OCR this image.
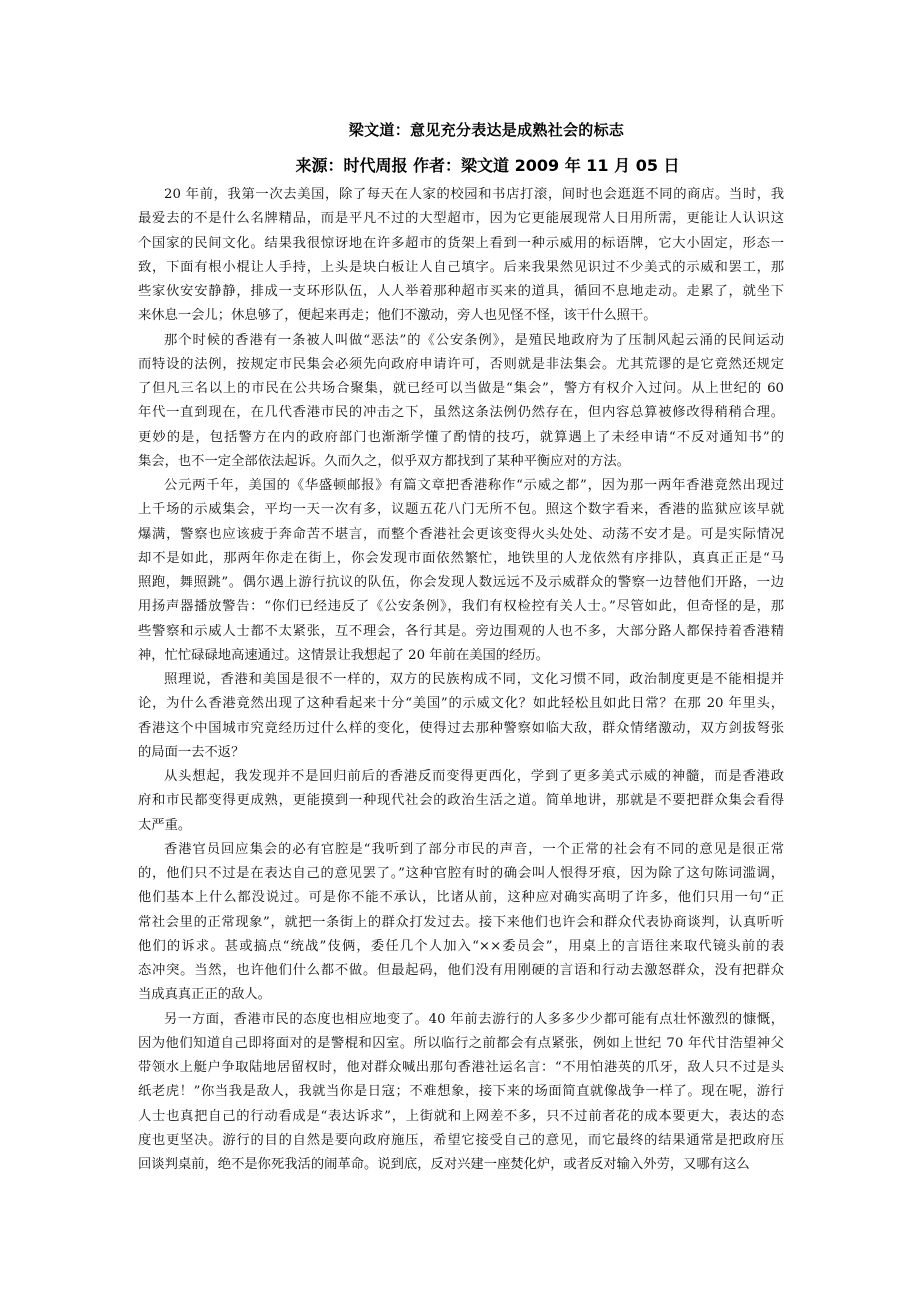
梁文道：意见充分表达是成熟社会的标志
来源：时代周报 作者：梁文道 2009 年 11 月 05 日
20 年前，我第一次去美国，除了每天在人家的校园和书店打滚，间时也会逛逛不同的商店。当时，我
最爱去的不是什么名牌精品，而是平凡不过的大型超市，因为它更能展现常人日用所需，更能让人认识这
个国家的民间文化。结果我很惊讶地在许多超市的货架上看到一种示威用的标语牌，它大小固定，形态一
致，下面有根小棍让人手持，上头是块白板让人自己填字。后来我果然见识过不少美式的示威和罢工，那
些家伙安安静静，排成一支环形队伍，人人举着那种超市买来的道具，循回不息地走动。走累了，就坐下
来休息一会儿；休息够了，便起来再走；他们不激动，旁人也见怪不怪，该干什么照干。
那个时候的香港有一条被人叫做“恶法”的《公安条例》，是殖民地政府为了压制风起云涌的民间运动
而特设的法例，按规定市民集会必须先向政府申请许可，否则就是非法集会。尤其荒谬的是它竟然还规定
了但凡三名以上的市民在公共场合聚集，就已经可以当做是“集会”，警方有权介入过问。从上世纪的 60
年代一直到现在，在几代香港市民的冲击之下，虽然这条法例仍然存在，但内容总算被修改得稍稍合理。
更妙的是，包括警方在内的政府部门也渐渐学懂了酌情的技巧，就算遇上了未经申请“不反对通知书”的
集会，也不一定全部依法起诉。久而久之，似乎双方都找到了某种平衡应对的方法。
公元两千年，美国的《华盛顿邮报》有篇文章把香港称作“示威之都”，因为那一两年香港竟然出现过
上千场的示威集会，平均一天一次有多，议题五花八门无所不包。照这个数字看来，香港的监狱应该早就
爆满，警察也应该疲于奔命苦不堪言，而整个香港社会更该变得火头处处、动荡不安才是。可是实际情况
却不是如此，那两年你走在街上，你会发现市面依然繁忙，地铁里的人龙依然有序排队，真真正正是“马
照跑，舞照跳”。偶尔遇上游行抗议的队伍，你会发现人数远远不及示威群众的警察一边替他们开路，一边
用扬声器播放警告：“你们已经违反了《公安条例》，我们有权检控有关人士。”尽管如此，但奇怪的是，那
些警察和示威人士都不太紧张，互不理会，各行其是。旁边围观的人也不多，大部分路人都保持着香港精
神，忙忙碌碌地高速通过。这情景让我想起了 20 年前在美国的经历。
照理说，香港和美国是很不一样的，双方的民族构成不同，文化习惯不同，政治制度更是不能相提并
论，为什么香港竟然出现了这种看起来十分“美国”的示威文化？如此轻松且如此日常？在那 20 年里头，
香港这个中国城市究竟经历过什么样的变化，使得过去那种警察如临大敌，群众情绪激动，双方剑拔弩张
的局面一去不返？
从头想起，我发现并不是回归前后的香港反而变得更西化，学到了更多美式示威的神髓，而是香港政
府和市民都变得更成熟，更能摸到一种现代社会的政治生活之道。简单地讲，那就是不要把群众集会看得
太严重。
香港官员回应集会的必有官腔是“我听到了部分市民的声音，一个正常的社会有不同的意见是很正常
的，他们只不过是在表达自己的意见罢了。”这种官腔有时的确会叫人恨得牙痕，因为除了这句陈词滥调，
他们基本上什么都没说过。可是你不能不承认，比诸从前，这种应对确实高明了许多，他们只用一句“正
常社会里的正常现象”，就把一条街上的群众打发过去。接下来他们也许会和群众代表协商谈判，认真听听
他们的诉求。甚或搞点“统战”伎俩，委任几个人加入“××委员会”，用桌上的言语往来取代镜头前的表
态冲突。当然，也许他们什么都不做。但最起码，他们没有用刚硬的言语和行动去激怒群众，没有把群众
当成真真正正的敌人。
另一方面，香港市民的态度也相应地变了。40 年前去游行的人多多少少都可能有点壮怀激烈的慷慨，
因为他们知道自己即将面对的是警棍和囚室。所以临行之前都会有点紧张，例如上世纪 70 年代甘浩望神父
带领水上艇户争取陆地居留权时，他对群众喊出那句香港社运名言：“不用怕港英的爪牙，敌人只不过是头
纸老虎！”你当我是敌人，我就当你是日寇；不难想象，接下来的场面简直就像战争一样了。现在呢，游行
人士也真把自己的行动看成是“表达诉求”，上街就和上网差不多，只不过前者花的成本要更大，表达的态
度也更坚决。游行的目的自然是要向政府施压，希望它接受自己的意见，而它最终的结果通常是把政府压
回谈判桌前，绝不是你死我活的闹革命。说到底，反对兴建一座焚化炉，或者反对输入外劳，又哪有这么
